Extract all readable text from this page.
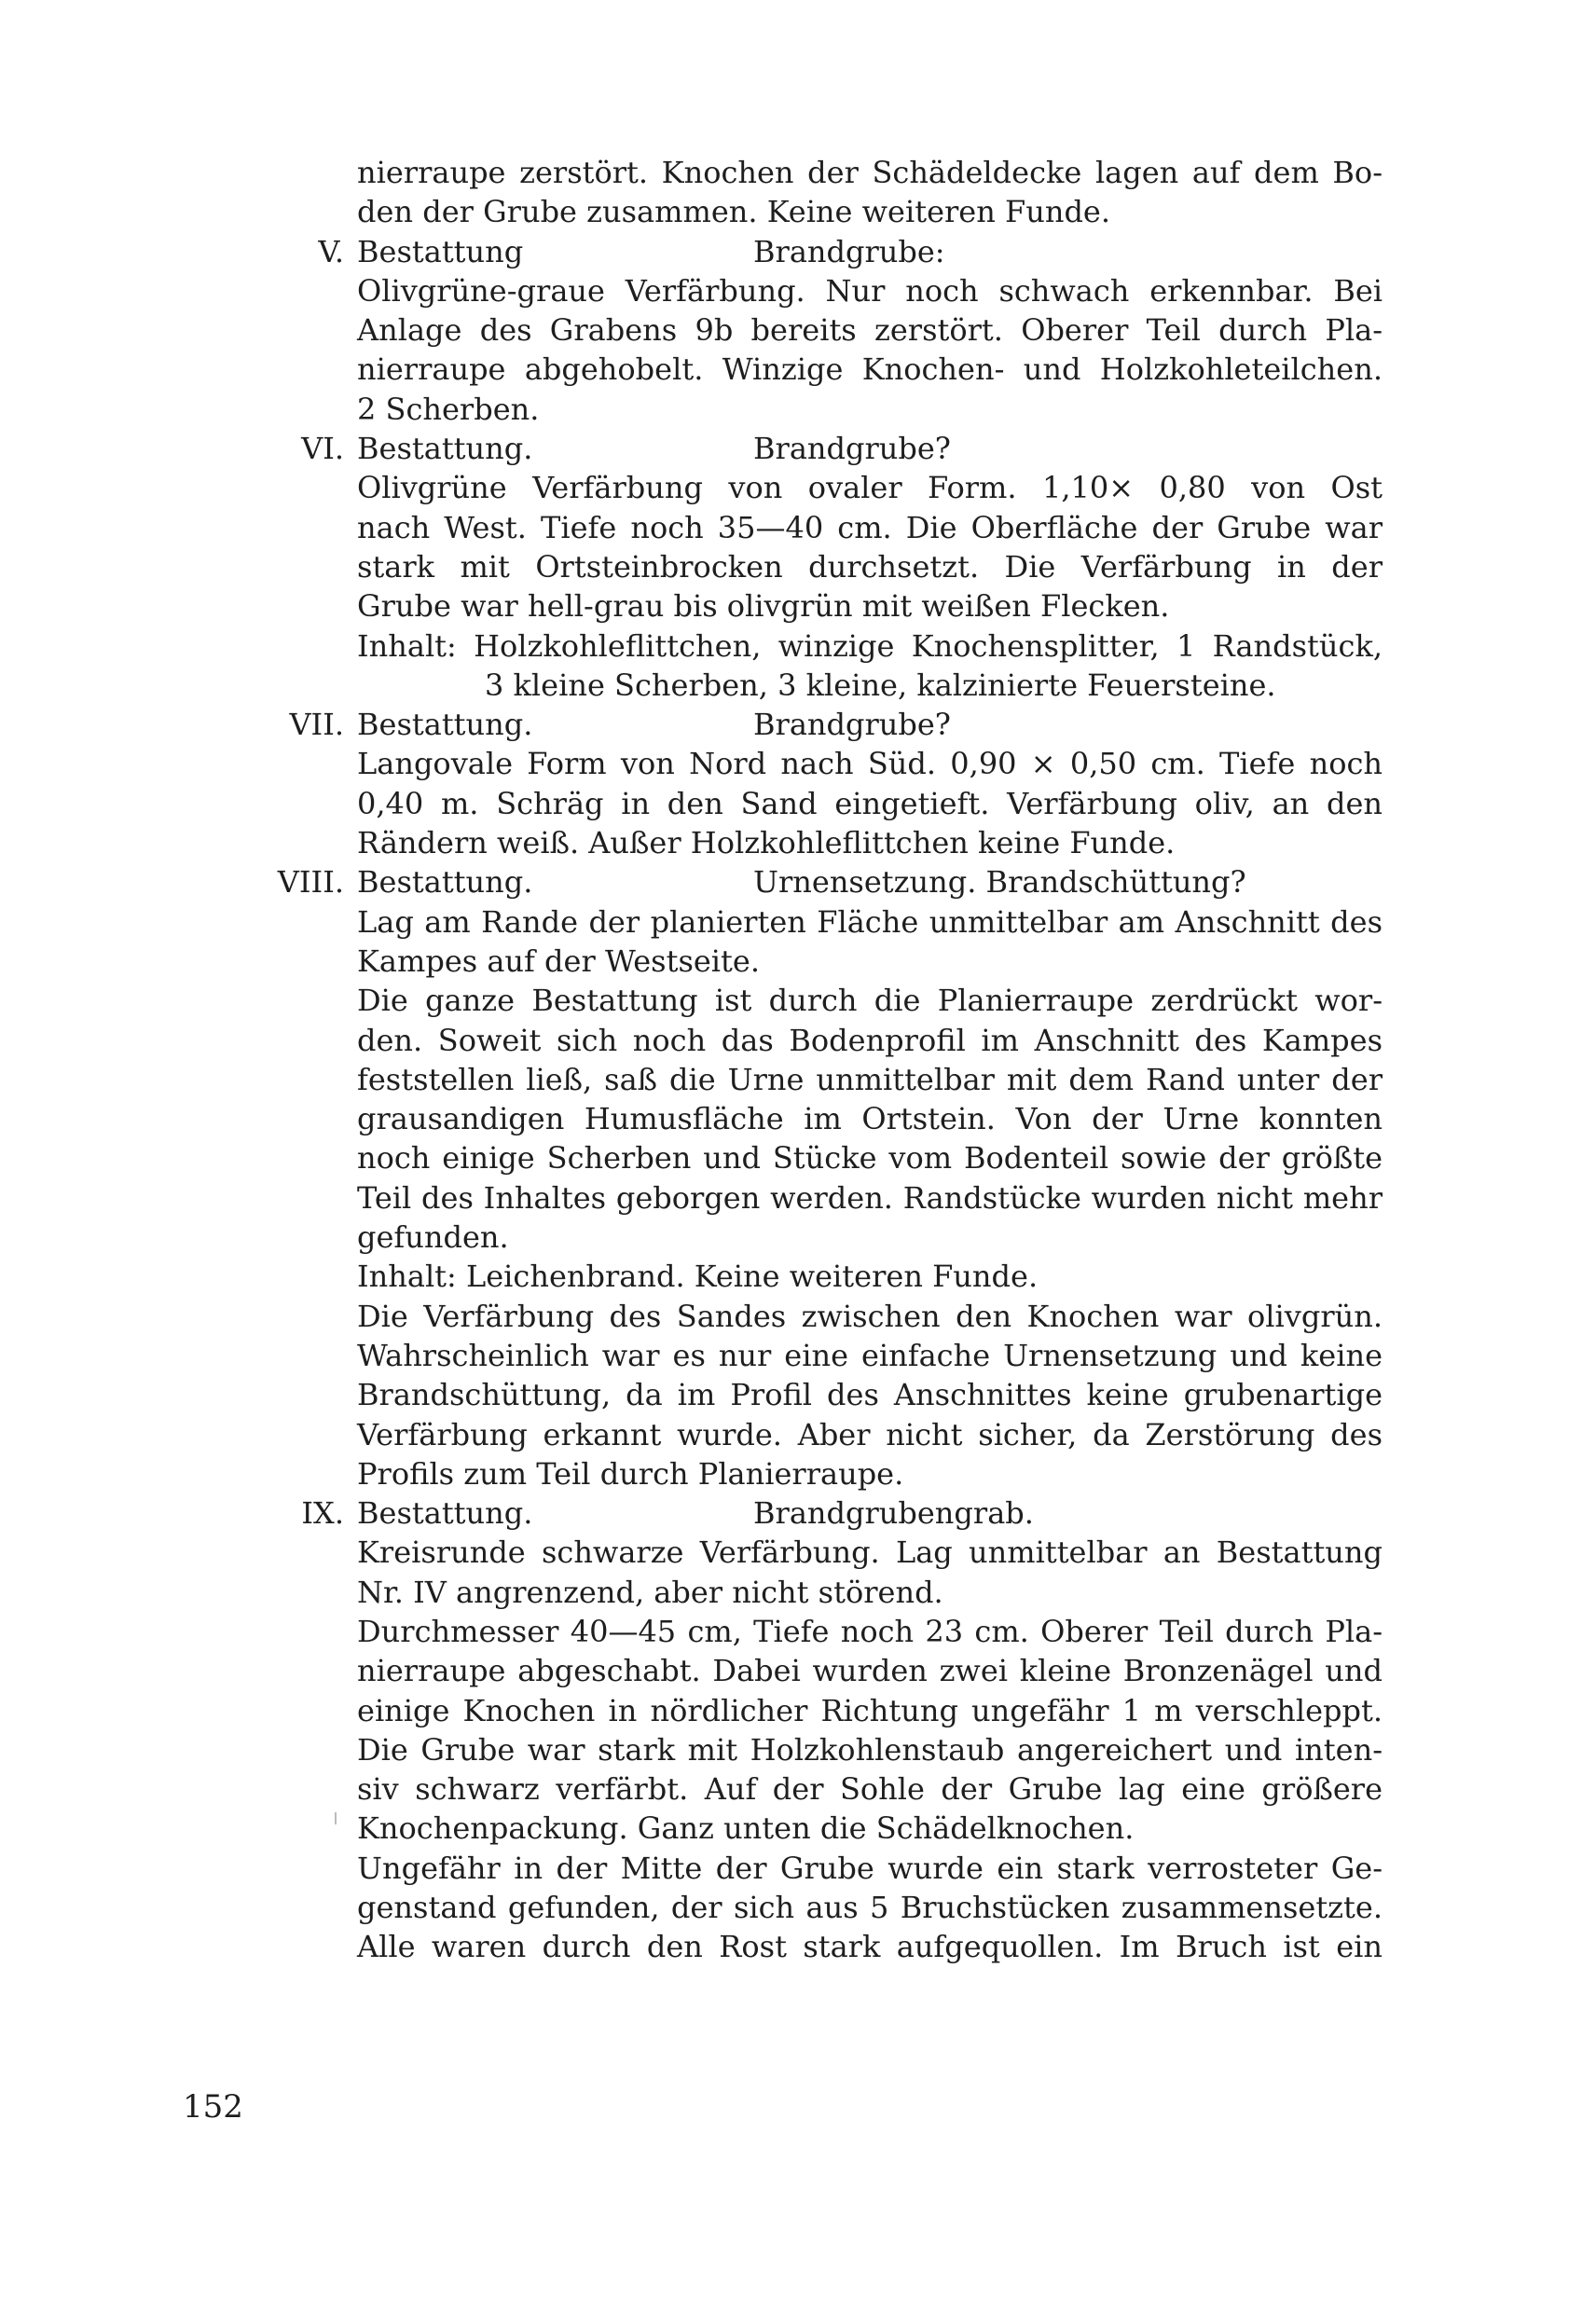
nierraupe zerstört. Knochen der Schädeldecke lagen auf dem Bo-
den der Grube zusammen. Keine weiteren Funde.
V. Bestattung	Brandgrube:
Olivgrüne-graue Verfärbung. Nur noch schwach erkennbar. Bei
Anlage des Grabens 9b bereits zerstört. Oberer Teil durch Pla-
nierraupe abgehobelt. Winzige Knochen- und Holzkohleteilchen.
2 Scherben.
VI. Bestattung.	Brandgrube?
Olivgrüne Verfärbung von ovaler Form. 1,10× 0,80 von Ost
nach West. Tiefe noch 35—40 cm. Die Oberfläche der Grube war
stark mit Ortsteinbrocken durchsetzt. Die Verfärbung in der
Grube war hell-grau bis olivgrün mit weißen Flecken.
Inhalt: Holzkohleflittchen, winzige Knochensplitter, 1 Randstück,
3 kleine Scherben, 3 kleine, kalzinierte Feuersteine.
VII. Bestattung.	Brandgrube?
Langovale Form von Nord nach Süd. 0,90 × 0,50 cm. Tiefe noch
0,40 m. Schräg in den Sand eingetieft. Verfärbung oliv, an den
Rändern weiß. Außer Holzkohleflittchen keine Funde.
VIII. Bestattung.	Urnensetzung. Brandschüttung?
Lag am Rande der planierten Fläche unmittelbar am Anschnitt des
Kampes auf der Westseite.
Die ganze Bestattung ist durch die Planierraupe zerdrückt wor-
den. Soweit sich noch das Bodenprofil im Anschnitt des Kampes
feststellen ließ, saß die Urne unmittelbar mit dem Rand unter der
grausandigen Humusfläche im Ortstein. Von der Urne konnten
noch einige Scherben und Stücke vom Bodenteil sowie der größte
Teil des Inhaltes geborgen werden. Randstücke wurden nicht mehr
gefunden.
Inhalt: Leichenbrand. Keine weiteren Funde.
Die Verfärbung des Sandes zwischen den Knochen war olivgrün.
Wahrscheinlich war es nur eine einfache Urnensetzung und keine
Brandschüttung, da im Profil des Anschnittes keine grubenartige
Verfärbung erkannt wurde. Aber nicht sicher, da Zerstörung des
Profils zum Teil durch Planierraupe.
IX. Bestattung.	Brandgrubengrab.
Kreisrunde schwarze Verfärbung. Lag unmittelbar an Bestattung
Nr. IV angrenzend, aber nicht störend.
Durchmesser 40—45 cm, Tiefe noch 23 cm. Oberer Teil durch Pla-
nierraupe abgeschabt. Dabei wurden zwei kleine Bronzenägel und
einige Knochen in nördlicher Richtung ungefähr 1 m verschleppt.
Die Grube war stark mit Holzkohlenstaub angereichert und inten-
siv schwarz verfärbt. Auf der Sohle der Grube lag eine größere
Knochenpackung. Ganz unten die Schädelknochen.
Ungefähr in der Mitte der Grube wurde ein stark verrosteter Ge-
genstand gefunden, der sich aus 5 Bruchstücken zusammensetzte.
Alle waren durch den Rost stark aufgequollen. Im Bruch ist ein
152
